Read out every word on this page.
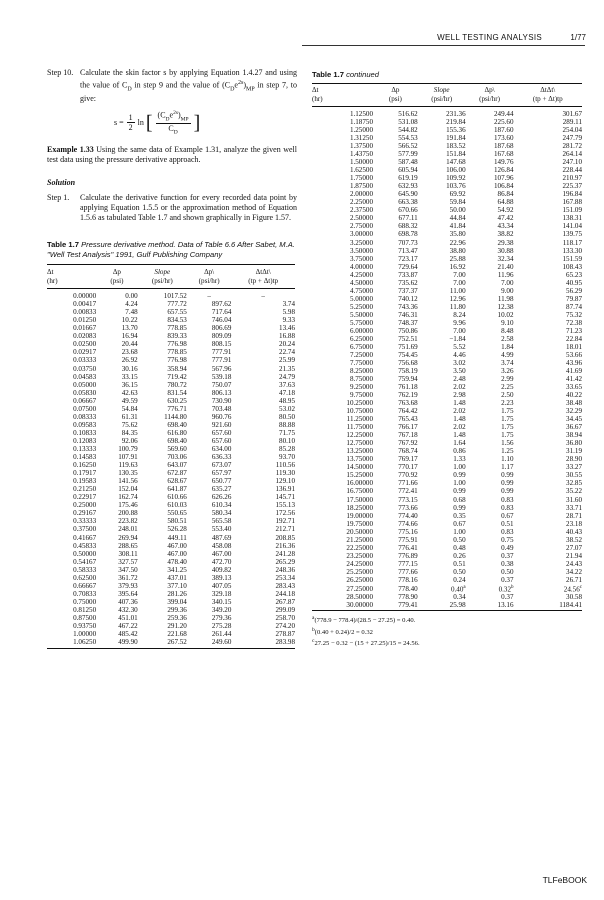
WELL TESTING ANALYSIS	1/77
Step 10. Calculate the skin factor s by applying Equation 1.4.27 and using the value of $C_D$ in step 9 and the value of $(C_De^{2s})_{MP}$ in step 7, to give:
$s = \frac{1}{2}$ ln [ $\frac{(C_De^{2s})_{MP}}{C_D}$ ]
Example 1.33 Using the same data of Example 1.31, analyze the given well test data using the pressure derivative approach.
Solution
Step 1. Calculate the derivative function for every recorded data point by applying Equation 1.5.5 or the approximation method of Equation 1.5.6 as tabulated Table 1.7 and shown graphically in Figure 1.57.
Table 1.7 Pressure derivative method. Data of Table 6.6 After Sabet, M.A. "Well Test Analysis" 1991, Gulf Publishing Company
Δt	Δp	Slope	Δp\	ΔtΔt\
(hr)	(psi)	(psi/hr)	(psi/hr)	(tp + Δt)tp
0.00000	0.00	1017.52	–	–
0.00417	4.24	777.72	897.62	3.74
0.00833	7.48	657.55	717.64	5.98
0.01250	10.22	834.53	746.04	9.33
0.01667	13.70	778.85	806.69	13.46
0.02083	16.94	839.33	809.09	16.88
0.02500	20.44	776.98	808.15	20.24
0.02917	23.68	778.85	777.91	22.74
0.03333	26.92	776.98	777.91	25.99
0.03750	30.16	358.94	567.96	21.35
0.04583	33.15	719.42	539.18	24.79
0.05000	36.15	780.72	750.07	37.63
0.05830	42.63	831.54	806.13	47.18
0.06667	49.59	630.25	730.90	48.95
0.07500	54.84	776.71	703.48	53.02
0.08333	61.31	1144.80	960.76	80.50
0.09583	75.62	698.40	921.60	88.88
0.10833	84.35	616.80	657.60	71.75
0.12083	92.06	698.40	657.60	80.10
0.13333	100.79	569.60	634.00	85.28
0.14583	107.91	703.06	636.33	93.70
0.16250	119.63	643.07	673.07	110.56
0.17917	130.35	672.87	657.97	119.30
0.19583	141.56	628.67	650.77	129.10
0.21250	152.04	641.87	635.27	136.91
0.22917	162.74	610.66	626.26	145.71
0.25000	175.46	610.03	610.34	155.13
0.29167	200.88	550.65	580.34	172.56
0.33333	223.82	580.51	565.58	192.71
0.37500	248.01	526.28	553.40	212.71
0.41667	269.94	449.11	487.69	208.85
0.45833	288.65	467.00	458.08	216.36
0.50000	308.11	467.00	467.00	241.28
0.54167	327.57	478.40	472.70	265.29
0.58333	347.50	341.25	409.82	248.36
0.62500	361.72	437.01	389.13	253.34
0.66667	379.93	377.10	407.05	283.43
0.70833	395.64	281.26	329.18	244.18
0.75000	407.36	399.04	340.15	267.87
0.81250	432.30	299.36	349.20	299.09
0.87500	451.01	259.36	279.36	258.70
0.93750	467.22	291.20	275.28	274.20
1.00000	485.42	221.68	261.44	278.87
1.06250	499.90	267.52	249.60	283.98
Table 1.7 continued
Δt	Δp	Slope	Δp\	ΔtΔt\
(hr)	(psi)	(psi/hr)	(psi/hr)	(tp + Δt)tp
1.12500	516.62	231.36	249.44	301.67
1.18750	531.08	219.84	225.60	289.11
1.25000	544.82	155.36	187.60	254.04
1.31250	554.53	191.84	173.60	247.79
1.37500	566.52	183.52	187.68	281.72
1.43750	577.99	151.84	167.68	264.14
1.50000	587.48	147.68	149.76	247.10
1.62500	605.94	106.00	126.84	228.44
1.75000	619.19	109.92	107.96	210.97
1.87500	632.93	103.76	106.84	225.37
2.00000	645.90	69.92	86.84	196.84
2.25000	663.38	59.84	64.88	167.88
2.37500	670.66	50.00	54.92	151.09
2.50000	677.11	44.84	47.42	138.31
2.75000	688.32	41.84	43.34	141.04
3.00000	698.78	35.80	38.82	139.75
3.25000	707.73	22.96	29.38	118.17
3.50000	713.47	38.80	30.88	133.30
3.75000	723.17	25.88	32.34	151.59
4.00000	729.64	16.92	21.40	108.43
4.25000	733.87	7.00	11.96	65.23
4.50000	735.62	7.00	7.00	40.95
4.75000	737.37	11.00	9.00	56.29
5.00000	740.12	12.96	11.98	79.87
5.25000	743.36	11.80	12.38	87.74
5.50000	746.31	8.24	10.02	75.32
5.75000	748.37	9.96	9.10	72.38
6.00000	750.86	7.00	8.48	71.23
6.25000	752.51	−1.84	2.58	22.84
6.75000	751.69	5.52	1.84	18.01
7.25000	754.45	4.46	4.99	53.66
7.75000	756.68	3.02	3.74	43.96
8.25000	758.19	3.50	3.26	41.69
8.75000	759.94	2.48	2.99	41.42
9.25000	761.18	2.02	2.25	33.65
9.75000	762.19	2.98	2.50	40.22
10.25000	763.68	1.48	2.23	38.48
10.75000	764.42	2.02	1.75	32.29
11.25000	765.43	1.48	1.75	34.45
11.75000	766.17	2.02	1.75	36.67
12.25000	767.18	1.48	1.75	38.94
12.75000	767.92	1.64	1.56	36.80
13.25000	768.74	0.86	1.25	31.19
13.75000	769.17	1.33	1.10	28.90
14.50000	770.17	1.00	1.17	33.27
15.25000	770.92	0.99	0.99	30.55
16.00000	771.66	1.00	0.99	32.85
16.75000	772.41	0.99	0.99	35.22
17.50000	773.15	0.68	0.83	31.60
18.25000	773.66	0.99	0.83	33.71
19.00000	774.40	0.35	0.67	28.71
19.75000	774.66	0.67	0.51	23.18
20.50000	775.16	1.00	0.83	40.43
21.25000	775.91	0.50	0.75	38.52
22.25000	776.41	0.48	0.49	27.07
23.25000	776.89	0.26	0.37	21.94
24.25000	777.15	0.51	0.38	24.43
25.25000	777.66	0.50	0.50	34.22
26.25000	778.16	0.24	0.37	26.71
27.25000	778.40	0.40$^a$	0.32$^b$	24.56$^c$
28.50000	778.90	0.34	0.37	30.58
30.00000	779.41	25.98	13.16	1184.41
$^a$(778.9 − 778.4)/(28.5 − 27.25) = 0.40.
$^b$(0.40 + 0.24)/2 = 0.32
$^c$27.25 − 0.32 − (15 + 27.25)/15 = 24.56.
TLFeBOOK
